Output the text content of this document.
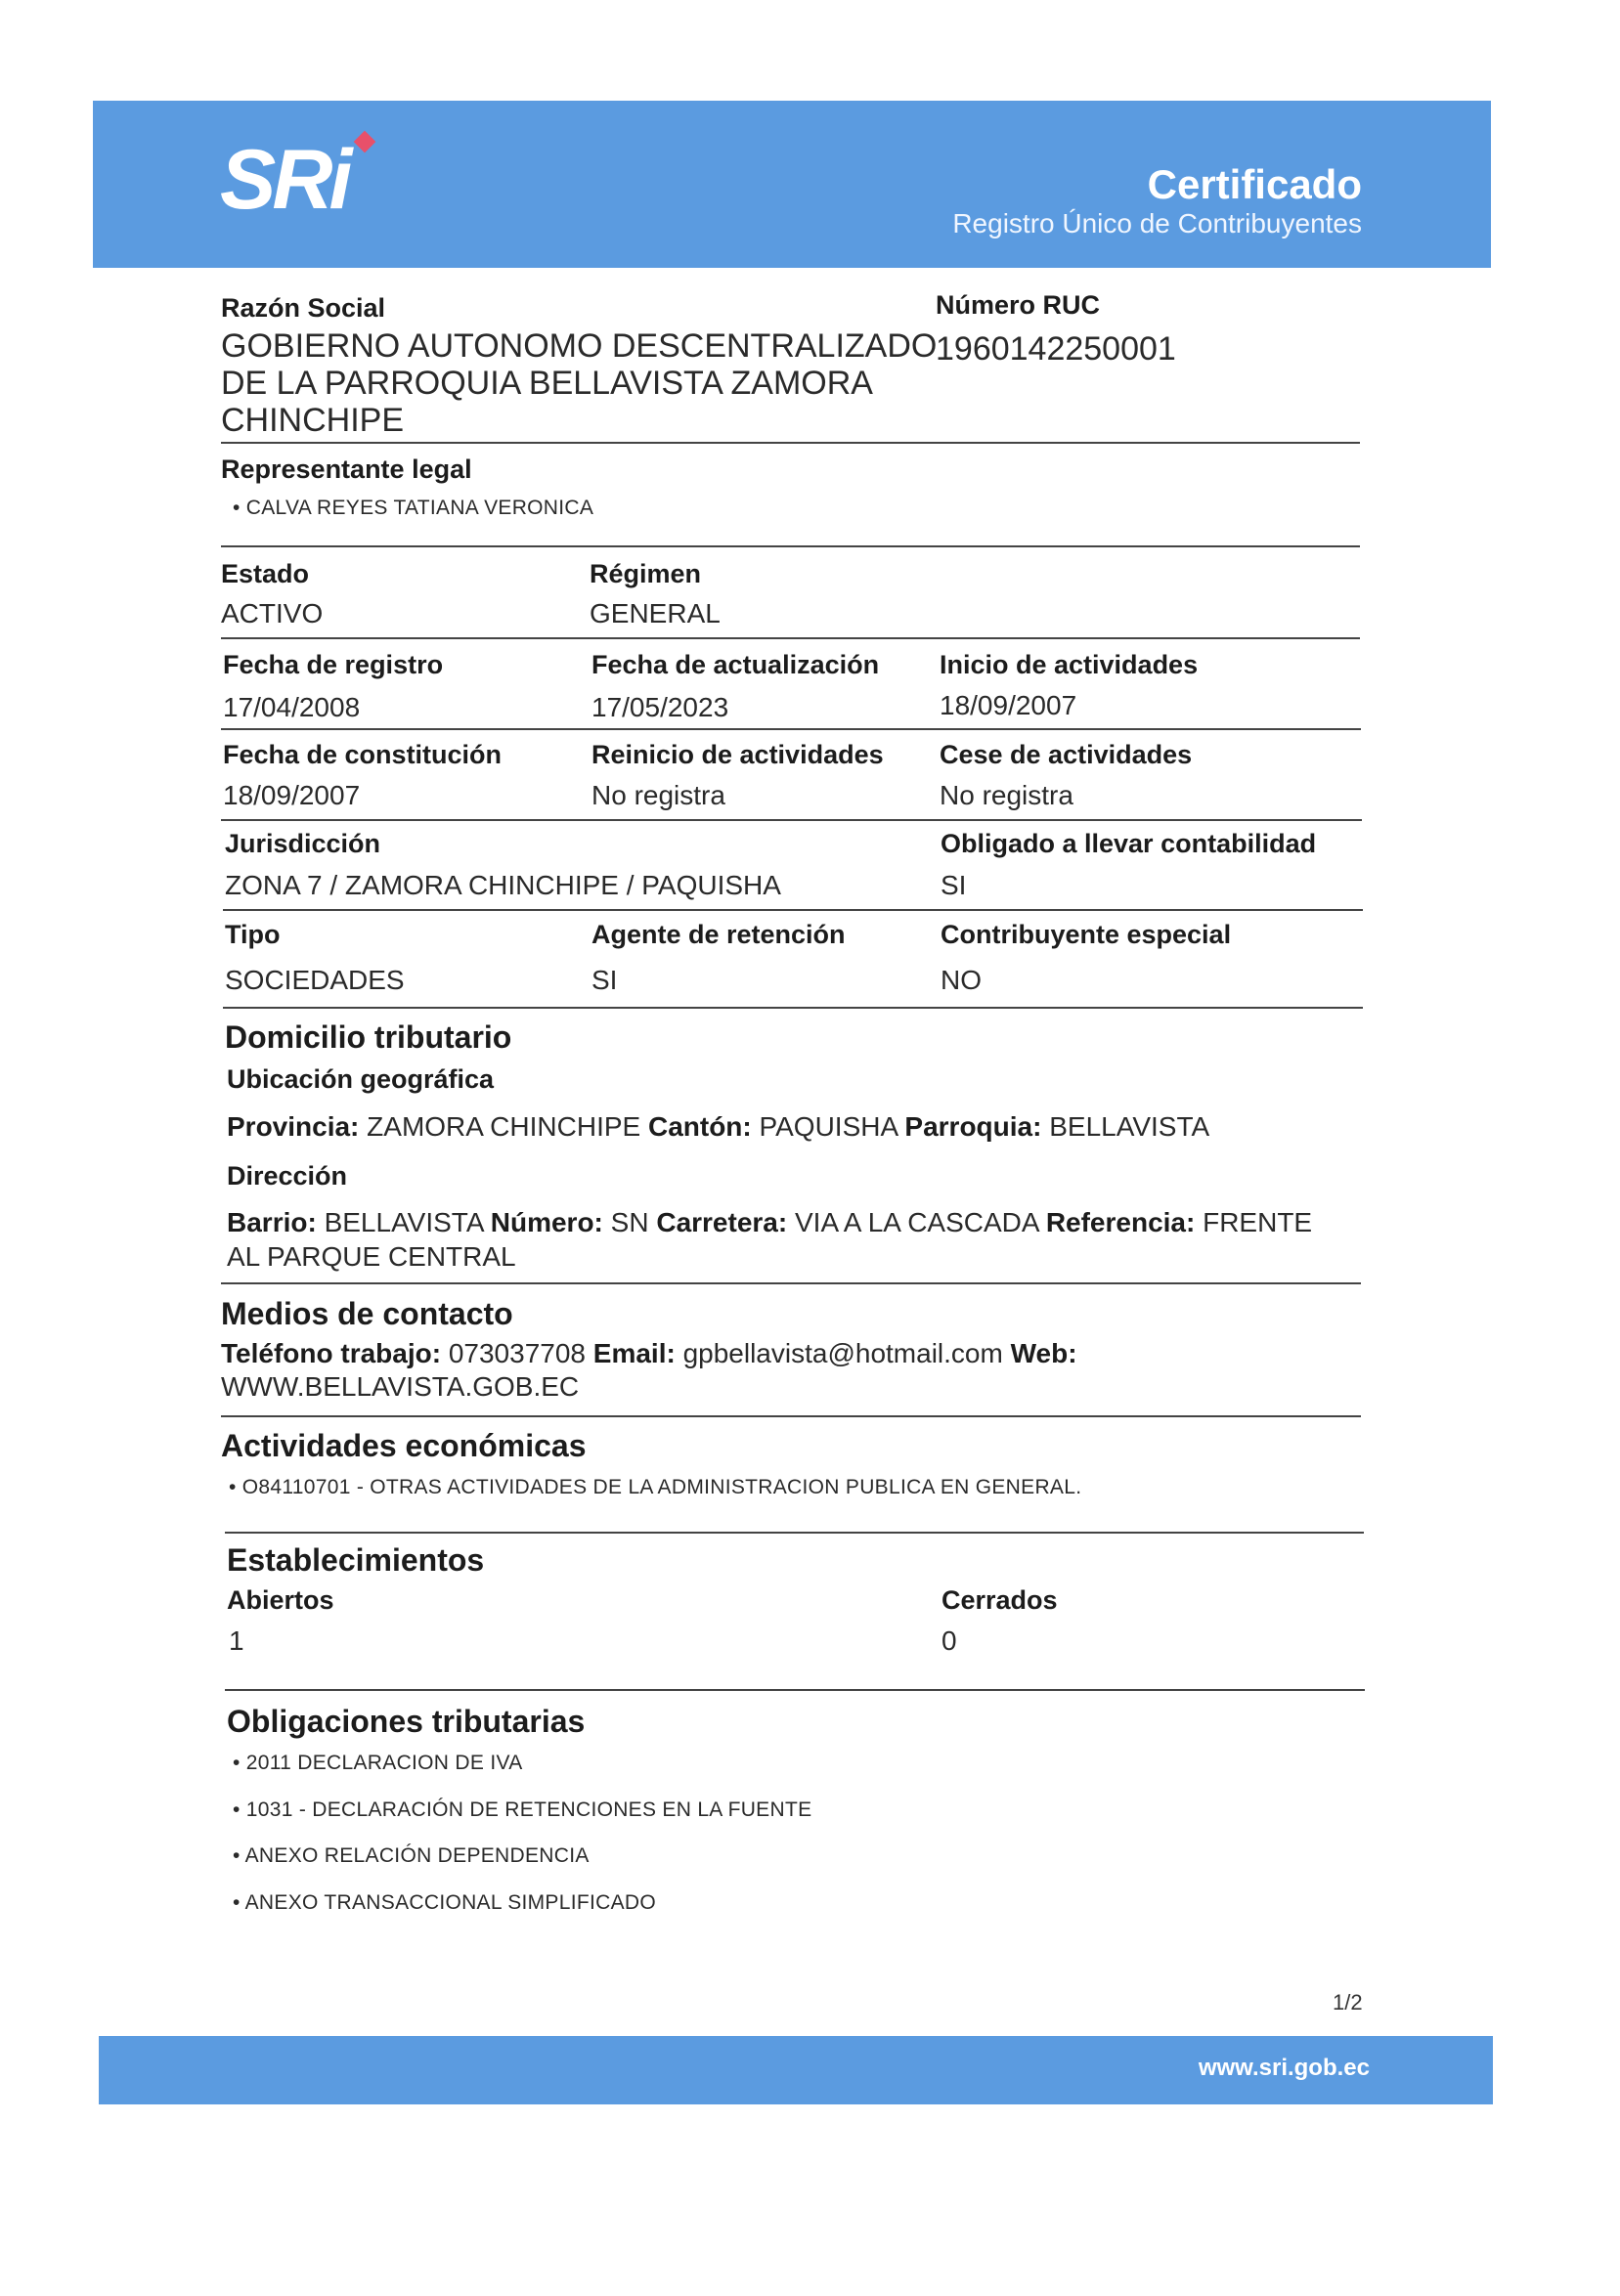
SRi	Certificado
Registro Único de Contribuyentes
Razón Social
GOBIERNO AUTONOMO DESCENTRALIZADO
DE LA PARROQUIA BELLAVISTA ZAMORA
CHINCHIPE
Número RUC
1960142250001
Representante legal
• CALVA REYES TATIANA VERONICA
Estado
ACTIVO
Régimen
GENERAL
Fecha de registro
17/04/2008
Fecha de actualización
17/05/2023
Inicio de actividades
18/09/2007
Fecha de constitución
18/09/2007
Reinicio de actividades
No registra
Cese de actividades
No registra
Jurisdicción
ZONA 7 / ZAMORA CHINCHIPE / PAQUISHA
Obligado a llevar contabilidad
SI
Tipo
SOCIEDADES
Agente de retención
SI
Contribuyente especial
NO
Domicilio tributario
Ubicación geográfica
Provincia: ZAMORA CHINCHIPE Cantón: PAQUISHA Parroquia: BELLAVISTA
Dirección
Barrio: BELLAVISTA Número: SN Carretera: VIA A LA CASCADA Referencia: FRENTE
AL PARQUE CENTRAL
Medios de contacto
Teléfono trabajo: 073037708 Email: gpbellavista@hotmail.com Web:
WWW.BELLAVISTA.GOB.EC
Actividades económicas
• O84110701 - OTRAS ACTIVIDADES DE LA ADMINISTRACION PUBLICA EN GENERAL.
Establecimientos
Abiertos
1
Cerrados
0
Obligaciones tributarias
• 2011 DECLARACION DE IVA
• 1031 - DECLARACIÓN DE RETENCIONES EN LA FUENTE
• ANEXO RELACIÓN DEPENDENCIA
• ANEXO TRANSACCIONAL SIMPLIFICADO
1/2
www.sri.gob.ec
